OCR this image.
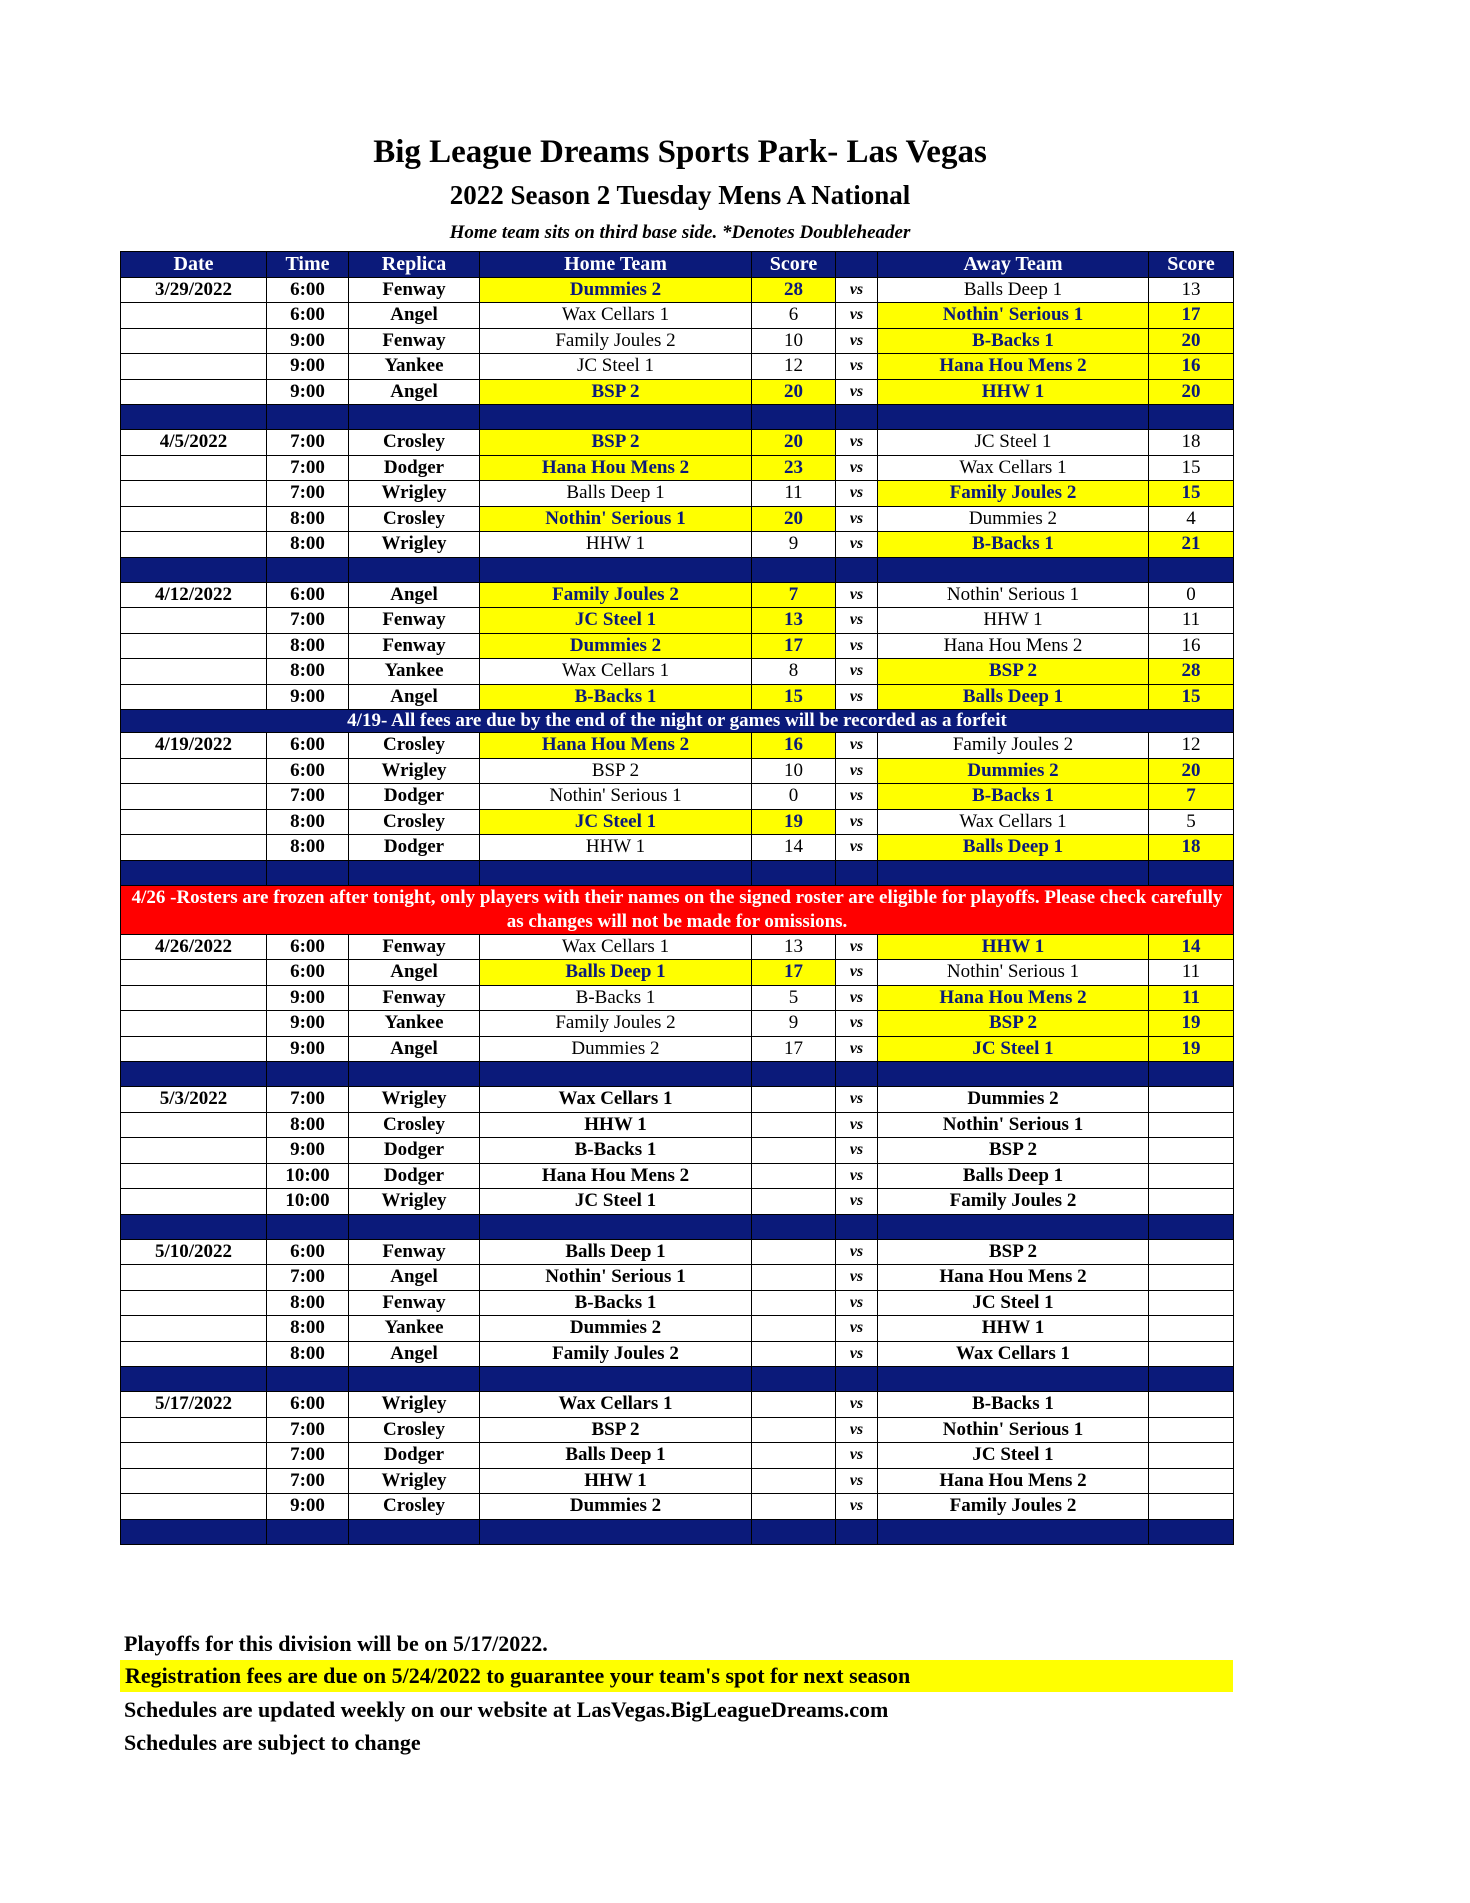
Big League Dreams Sports Park- Las Vegas
2022 Season 2 Tuesday Mens A National
Home team sits on third base side. *Denotes Doubleheader
Date	Time	Replica	Home Team	Score		Away Team	Score
3/29/2022	6:00	Fenway	Dummies 2	28	vs	Balls Deep 1	13
	6:00	Angel	Wax Cellars 1	6	vs	Nothin' Serious 1	17
	9:00	Fenway	Family Joules 2	10	vs	B-Backs 1	20
	9:00	Yankee	JC Steel 1	12	vs	Hana Hou Mens 2	16
	9:00	Angel	BSP 2	20	vs	HHW 1	20

4/5/2022	7:00	Crosley	BSP 2	20	vs	JC Steel 1	18
	7:00	Dodger	Hana Hou Mens 2	23	vs	Wax Cellars 1	15
	7:00	Wrigley	Balls Deep 1	11	vs	Family Joules 2	15
	8:00	Crosley	Nothin' Serious 1	20	vs	Dummies 2	4
	8:00	Wrigley	HHW 1	9	vs	B-Backs 1	21

4/12/2022	6:00	Angel	Family Joules 2	7	vs	Nothin' Serious 1	0
	7:00	Fenway	JC Steel 1	13	vs	HHW 1	11
	8:00	Fenway	Dummies 2	17	vs	Hana Hou Mens 2	16
	8:00	Yankee	Wax Cellars 1	8	vs	BSP 2	28
	9:00	Angel	B-Backs 1	15	vs	Balls Deep 1	15
4/19- All fees are due by the end of the night or games will be recorded as a forfeit							
4/19/2022	6:00	Crosley	Hana Hou Mens 2	16	vs	Family Joules 2	12
	6:00	Wrigley	BSP 2	10	vs	Dummies 2	20
	7:00	Dodger	Nothin' Serious 1	0	vs	B-Backs 1	7
	8:00	Crosley	JC Steel 1	19	vs	Wax Cellars 1	5
	8:00	Dodger	HHW 1	14	vs	Balls Deep 1	18

4/26 -Rosters are frozen after tonight, only players with their names on the signed roster are eligible for playoffs. Please check carefully as changes will not be made for omissions.							
4/26/2022	6:00	Fenway	Wax Cellars 1	13	vs	HHW 1	14
	6:00	Angel	Balls Deep 1	17	vs	Nothin' Serious 1	11
	9:00	Fenway	B-Backs 1	5	vs	Hana Hou Mens 2	11
	9:00	Yankee	Family Joules 2	9	vs	BSP 2	19
	9:00	Angel	Dummies 2	17	vs	JC Steel 1	19

5/3/2022	7:00	Wrigley	Wax Cellars 1		vs	Dummies 2	
	8:00	Crosley	HHW 1		vs	Nothin' Serious 1	
	9:00	Dodger	B-Backs 1		vs	BSP 2	
	10:00	Dodger	Hana Hou Mens 2		vs	Balls Deep 1	
	10:00	Wrigley	JC Steel 1		vs	Family Joules 2	

5/10/2022	6:00	Fenway	Balls Deep 1		vs	BSP 2	
	7:00	Angel	Nothin' Serious 1		vs	Hana Hou Mens 2	
	8:00	Fenway	B-Backs 1		vs	JC Steel 1	
	8:00	Yankee	Dummies 2		vs	HHW 1	
	8:00	Angel	Family Joules 2		vs	Wax Cellars 1	

5/17/2022	6:00	Wrigley	Wax Cellars 1		vs	B-Backs 1	
	7:00	Crosley	BSP 2		vs	Nothin' Serious 1	
	7:00	Dodger	Balls Deep 1		vs	JC Steel 1	
	7:00	Wrigley	HHW 1		vs	Hana Hou Mens 2	
	9:00	Crosley	Dummies 2		vs	Family Joules 2	

Playoffs for this division will be on 5/17/2022.
Registration fees are due on 5/24/2022 to guarantee your team's spot for next season
Schedules are updated weekly on our website at LasVegas.BigLeagueDreams.com
Schedules are subject to change
